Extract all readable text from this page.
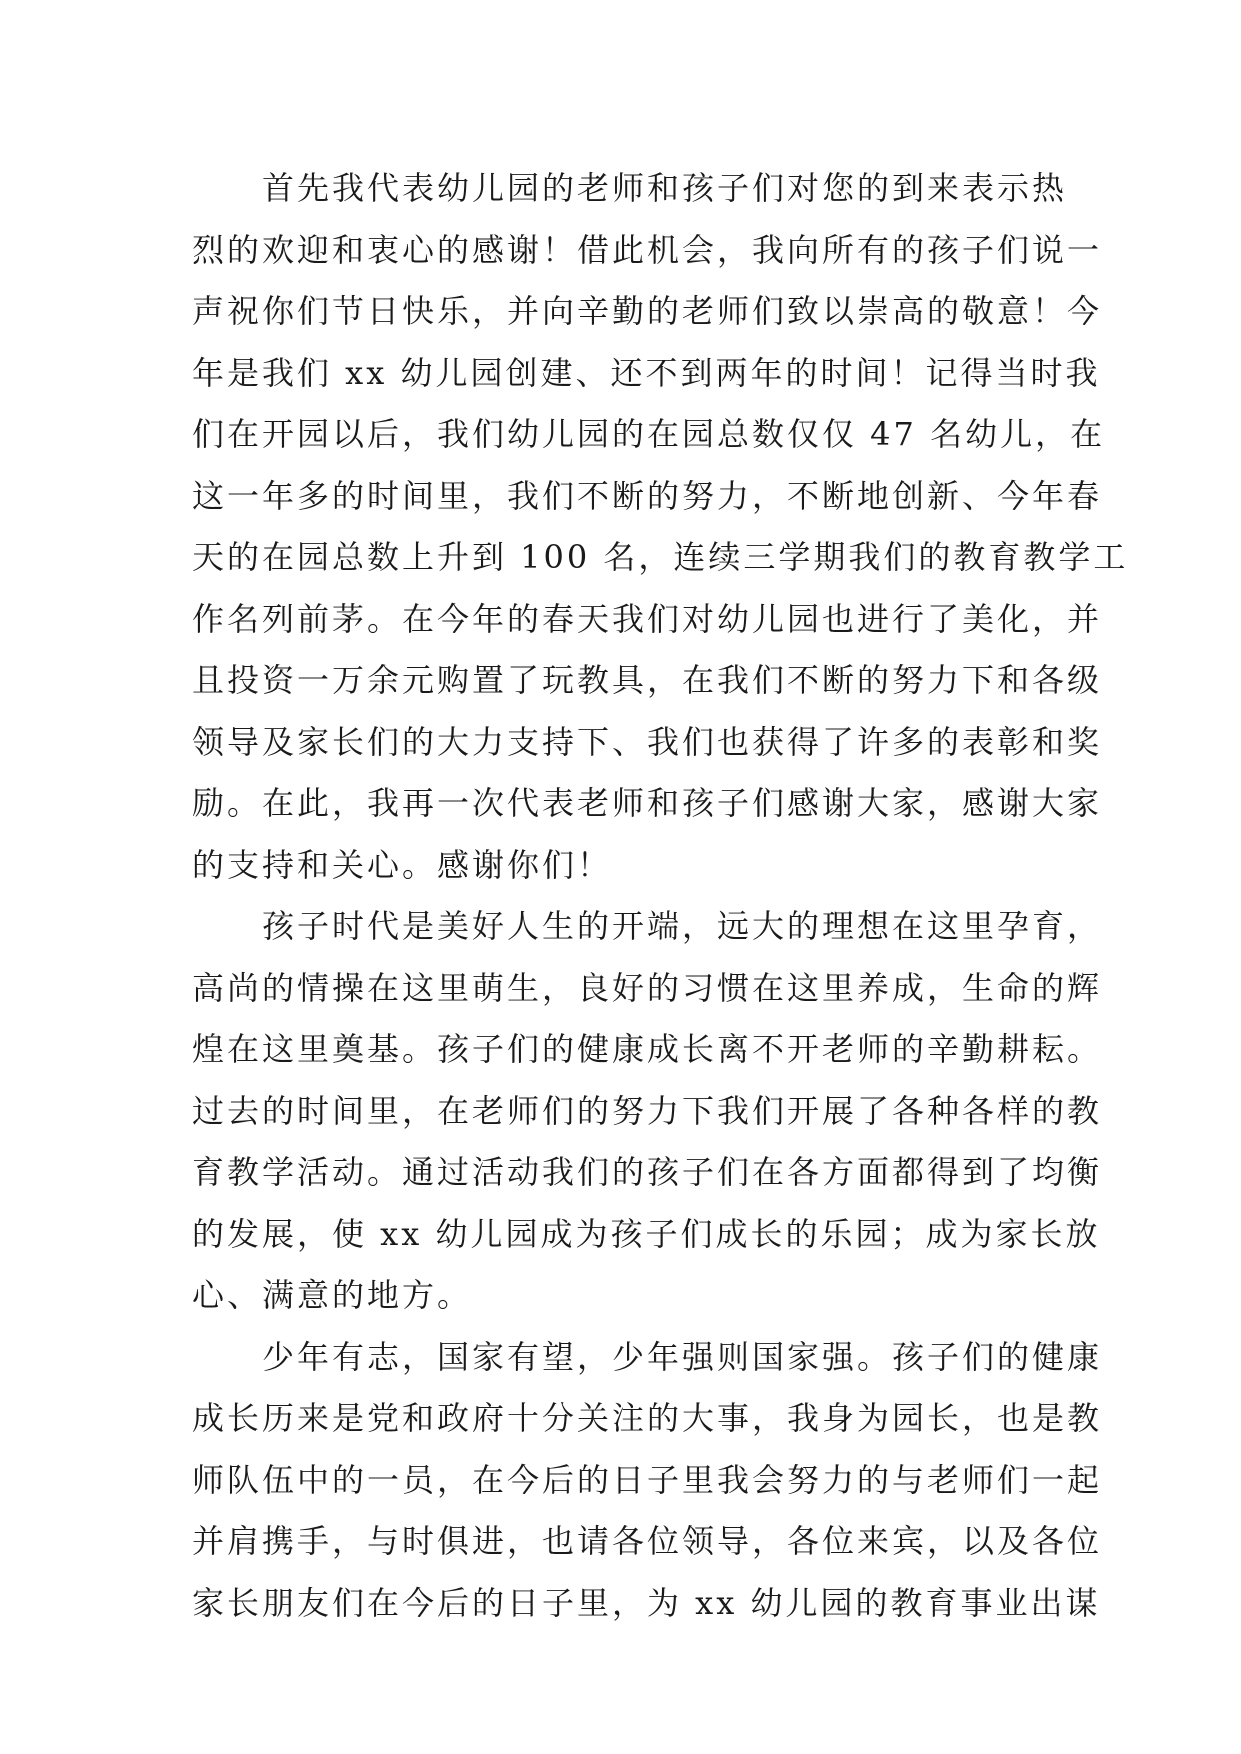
首先我代表幼儿园的老师和孩子们对您的到来表示热
烈的欢迎和衷心的感谢！借此机会，我向所有的孩子们说一
声祝你们节日快乐，并向辛勤的老师们致以崇高的敬意！今
年是我们 xx 幼儿园创建、还不到两年的时间！记得当时我
们在开园以后，我们幼儿园的在园总数仅仅 47 名幼儿，在
这一年多的时间里，我们不断的努力，不断地创新、今年春
天的在园总数上升到 100 名，连续三学期我们的教育教学工
作名列前茅。在今年的春天我们对幼儿园也进行了美化，并
且投资一万余元购置了玩教具，在我们不断的努力下和各级
领导及家长们的大力支持下、我们也获得了许多的表彰和奖
励。在此，我再一次代表老师和孩子们感谢大家，感谢大家
的支持和关心。感谢你们！

孩子时代是美好人生的开端，远大的理想在这里孕育，
高尚的情操在这里萌生，良好的习惯在这里养成，生命的辉
煌在这里奠基。孩子们的健康成长离不开老师的辛勤耕耘。
过去的时间里，在老师们的努力下我们开展了各种各样的教
育教学活动。通过活动我们的孩子们在各方面都得到了均衡
的发展，使 xx 幼儿园成为孩子们成长的乐园；成为家长放
心、满意的地方。

少年有志，国家有望，少年强则国家强。孩子们的健康
成长历来是党和政府十分关注的大事，我身为园长，也是教
师队伍中的一员，在今后的日子里我会努力的与老师们一起
并肩携手，与时俱进，也请各位领导，各位来宾，以及各位
家长朋友们在今后的日子里，为 xx 幼儿园的教育事业出谋
